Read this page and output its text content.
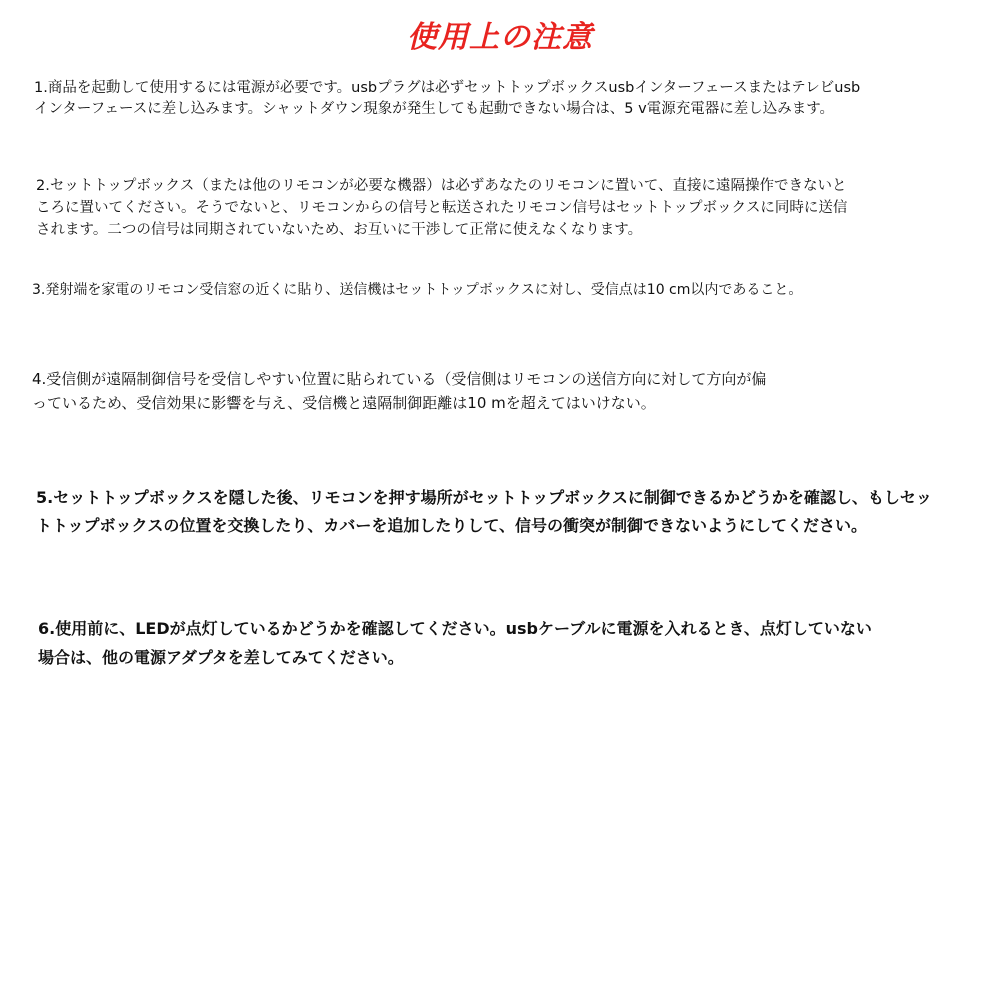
使用上の注意

1.商品を起動して使用するには電源が必要です。usbプラグは必ずセットトップボックスusbインターフェースまたはテレビusb
インターフェースに差し込みます。シャットダウン現象が発生しても起動できない場合は、5 v電源充電器に差し込みます。

2.セットトップボックス（または他のリモコンが必要な機器）は必ずあなたのリモコンに置いて、直接に遠隔操作できないと
ころに置いてください。そうでないと、リモコンからの信号と転送されたリモコン信号はセットトップボックスに同時に送信
されます。二つの信号は同期されていないため、お互いに干渉して正常に使えなくなります。

3.発射端を家電のリモコン受信窓の近くに貼り、送信機はセットトップボックスに対し、受信点は10 cm以内であること。

4.受信側が遠隔制御信号を受信しやすい位置に貼られている（受信側はリモコンの送信方向に対して方向が偏
っているため、受信効果に影響を与え、受信機と遠隔制御距離は10 mを超えてはいけない。

5.セットトップボックスを隠した後、リモコンを押す場所がセットトップボックスに制御できるかどうかを確認し、もしセッ
トトップボックスの位置を交換したり、カバーを追加したりして、信号の衝突が制御できないようにしてください。

6.使用前に、LEDが点灯しているかどうかを確認してください。usbケーブルに電源を入れるとき、点灯していない
場合は、他の電源アダプタを差してみてください。
